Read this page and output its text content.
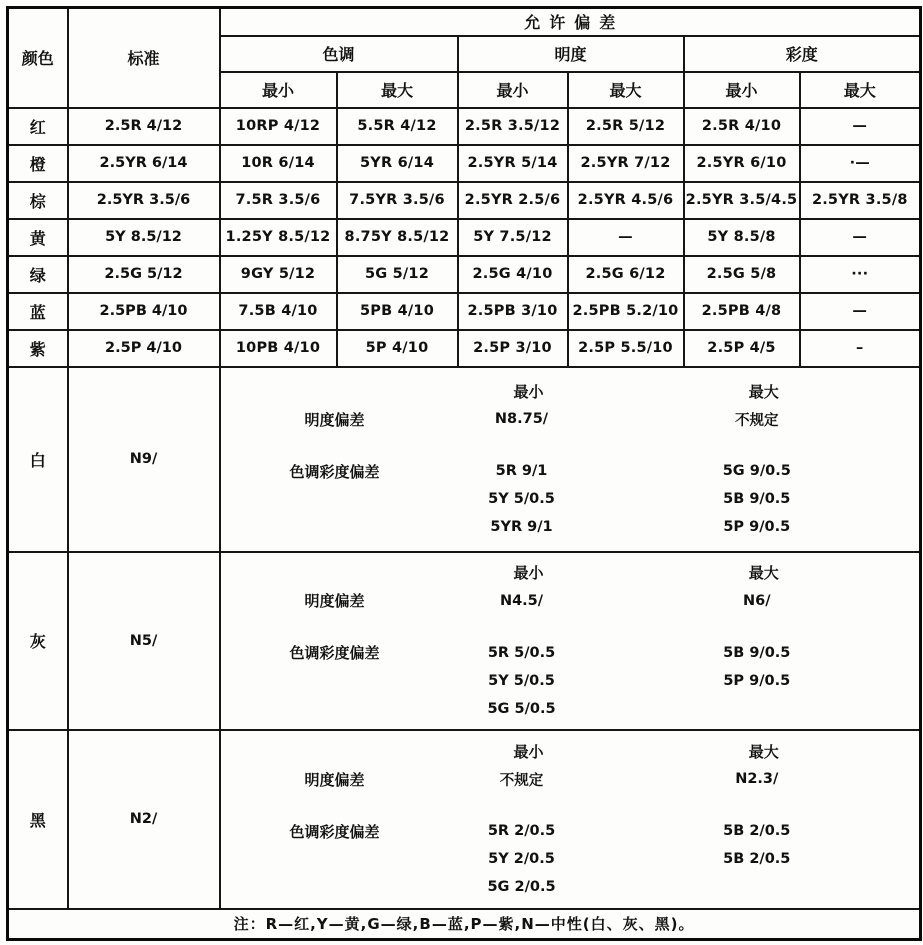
颜色	标准	允许偏差					
		色调		明度		彩度	
		最小	最大	最小	最大	最小	最大
红	2.5R 4/12	10RP 4/12	5.5R 4/12	2.5R 3.5/12	2.5R 5/12	2.5R 4/10	—
橙	2.5YR 6/14	10R 6/14	5YR 6/14	2.5YR 5/14	2.5YR 7/12	2.5YR 6/10	·—
棕	2.5YR 3.5/6	7.5R 3.5/6	7.5YR 3.5/6	2.5YR 2.5/6	2.5YR 4.5/6	2.5YR 3.5/4.5	2.5YR 3.5/8
黄	5Y 8.5/12	1.25Y 8.5/12	8.75Y 8.5/12	5Y 7.5/12	—	5Y 8.5/8	—
绿	2.5G 5/12	9GY 5/12	5G 5/12	2.5G 4/10	2.5G 6/12	2.5G 5/8	···
蓝	2.5PB 4/10	7.5B 4/10	5PB 4/10	2.5PB 3/10	2.5PB 5.2/10	2.5PB 4/8	—
紫	2.5P 4/10	10PB 4/10	5P 4/10	2.5P 3/10	2.5P 5.5/10	2.5P 4/5	–
白	N9/	
最小	最大
明度偏差	N8.75/	不规定
色调彩度偏差	5R 9/1	5G 9/0.5
5Y 5/0.5	5B 9/0.5
5YR 9/1	5P 9/0.5

灰	N5/	
最小	最大
明度偏差	N4.5/	N6/
色调彩度偏差	5R 5/0.5	5B 9/0.5
5Y 5/0.5	5P 9/0.5
5G 5/0.5

黑	N2/	
最小	最大
明度偏差	不规定	N2.3/
色调彩度偏差	5R 2/0.5	5B 2/0.5
5Y 2/0.5	5B 2/0.5
5G 2/0.5

注：R—红,Y—黄,G—绿,B—蓝,P—紫,N—中性(白、灰、黑)。							
